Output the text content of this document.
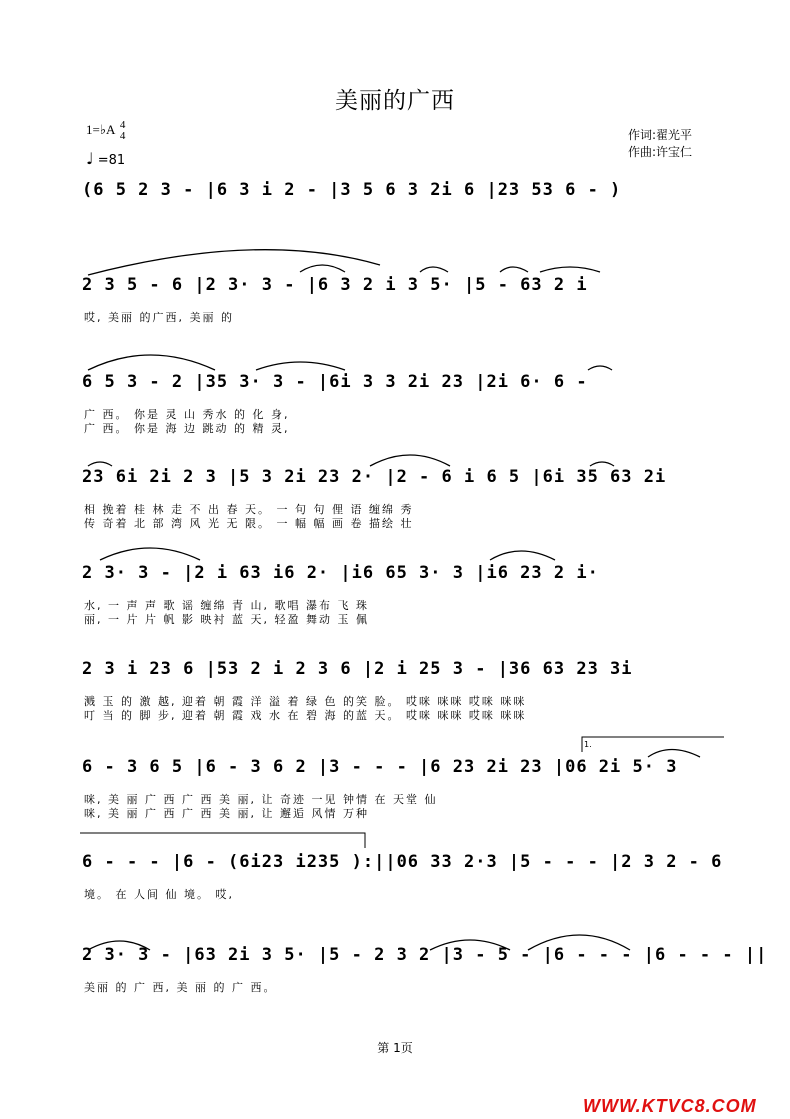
美丽的广西
1=♭A 4
4
♩ =81
作词:翟光平
作曲:许宝仁
(6 5 2 3 - |6 3 i 2 - |3 5 6 3 2i 6 |23 53 6 - )
2 3 5 - 6 |2 3· 3 - |6 3 2 i 3 5· |5 - 63 2 i
哎, 美丽 的广西, 美丽 的
6 5 3 - 2 |35 3· 3 - |6i 3 3 2i 23 |2i 6· 6 -
广 西。 你是 灵 山 秀水 的 化 身,
广 西。 你是 海 边 跳动 的 精 灵,
23 6i 2i 2 3 |5 3 2i 23 2· |2 - 6 i 6 5 |6i 35 63 2i
相 挽着 桂 林 走 不 出 春 天。 一 句 句 俚 语 缠绵 秀
传 奇着 北 部 湾 风 光 无 限。 一 幅 幅 画 卷 描绘 壮
2 3· 3 - |2 i 63 i6 2· |i6 65 3· 3 |i6 23 2 i·
水, 一 声 声 歌 谣 缠绵 青 山, 歌唱 瀑布 飞 珠
丽, 一 片 片 帆 影 映衬 蓝 天, 轻盈 舞动 玉 佩
2 3 i 23 6 |53 2 i 2 3 6 |2 i 25 3 - |36 63 23 3i
溅 玉 的 激 越, 迎着 朝 霞 洋 溢 着 绿 色 的笑 脸。 哎咪 咪咪 哎咪 咪咪
叮 当 的 脚 步, 迎着 朝 霞 戏 水 在 碧 海 的蓝 天。 哎咪 咪咪 哎咪 咪咪
6 - 3 6 5 |6 - 3 6 2 |3 - - - |6 23 2i 23 |06 2i 5· 3
咪, 美 丽 广 西 广 西 美 丽, 让 奇迹 一见 钟情 在 天堂 仙
咪, 美 丽 广 西 广 西 美 丽, 让 邂逅 风情 万种
6 - - - |6 - (6i23 i235 ):||06 33 2·3 |5 - - - |2 3 2 - 6
境。 在 人间 仙 境。 哎,
2 3· 3 - |63 2i 3 5· |5 - 2 3 2 |3 - 5 - |6 - - - |6 - - - ||
美丽 的 广 西, 美 丽 的 广 西。
1.
第 1页
WWW.KTVC8.COM
